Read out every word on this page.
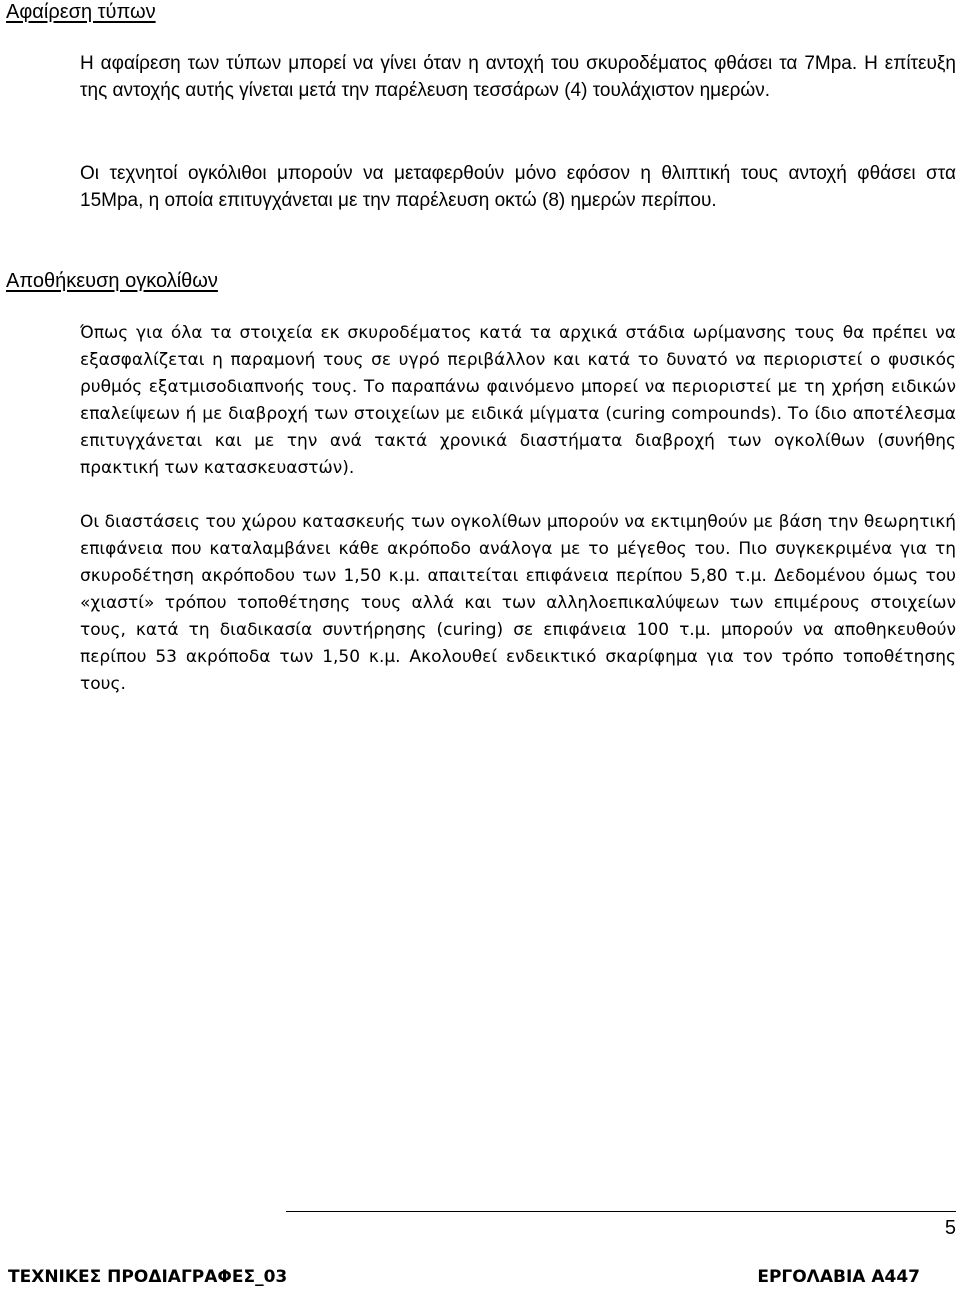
Αφαίρεση τύπων

Η αφαίρεση των τύπων μπορεί να γίνει όταν η αντοχή του σκυροδέματος φθάσει τα 7Mpa. Η επίτευξη της αντοχής αυτής γίνεται μετά την παρέλευση τεσσάρων (4) τουλάχιστον ημερών.

Οι τεχνητοί ογκόλιθοι μπορούν να μεταφερθούν μόνο εφόσον η θλιπτική τους αντοχή φθάσει στα 15Mpa, η οποία επιτυγχάνεται με την παρέλευση οκτώ (8) ημερών περίπου.

Αποθήκευση ογκολίθων

Όπως για όλα τα στοιχεία εκ σκυροδέματος κατά τα αρχικά στάδια ωρίμανσης τους θα πρέπει να εξασφαλίζεται η παραμονή τους σε υγρό περιβάλλον και κατά το δυνατό να περιοριστεί ο φυσικός ρυθμός εξατμισοδιαπνοής τους. Το παραπάνω φαινόμενο μπορεί να περιοριστεί με τη χρήση ειδικών επαλείψεων ή με διαβροχή των στοιχείων με ειδικά μίγματα (curing compounds). Το ίδιο αποτέλεσμα επιτυγχάνεται και με την ανά τακτά χρονικά διαστήματα διαβροχή των ογκολίθων (συνήθης πρακτική των κατασκευαστών).

Οι διαστάσεις του χώρου κατασκευής των ογκολίθων μπορούν να εκτιμηθούν με βάση την θεωρητική επιφάνεια που καταλαμβάνει κάθε ακρόποδο ανάλογα με το μέγεθος του. Πιο συγκεκριμένα για τη σκυροδέτηση ακρόποδου των 1,50 κ.μ. απαιτείται επιφάνεια περίπου 5,80 τ.μ. Δεδομένου όμως του «χιαστί» τρόπου τοποθέτησης τους αλλά και των αλληλοεπικαλύψεων των επιμέρους στοιχείων τους, κατά τη διαδικασία συντήρησης (curing) σε επιφάνεια 100 τ.μ. μπορούν να αποθηκευθούν περίπου 53 ακρόποδα των 1,50 κ.μ. Ακολουθεί ενδεικτικό σκαρίφημα για τον τρόπο τοποθέτησης τους.

5
ΤΕΧΝΙΚΕΣ ΠΡΟΔΙΑΓΡΑΦΕΣ_03	ΕΡΓΟΛΑΒΙΑ Α447
